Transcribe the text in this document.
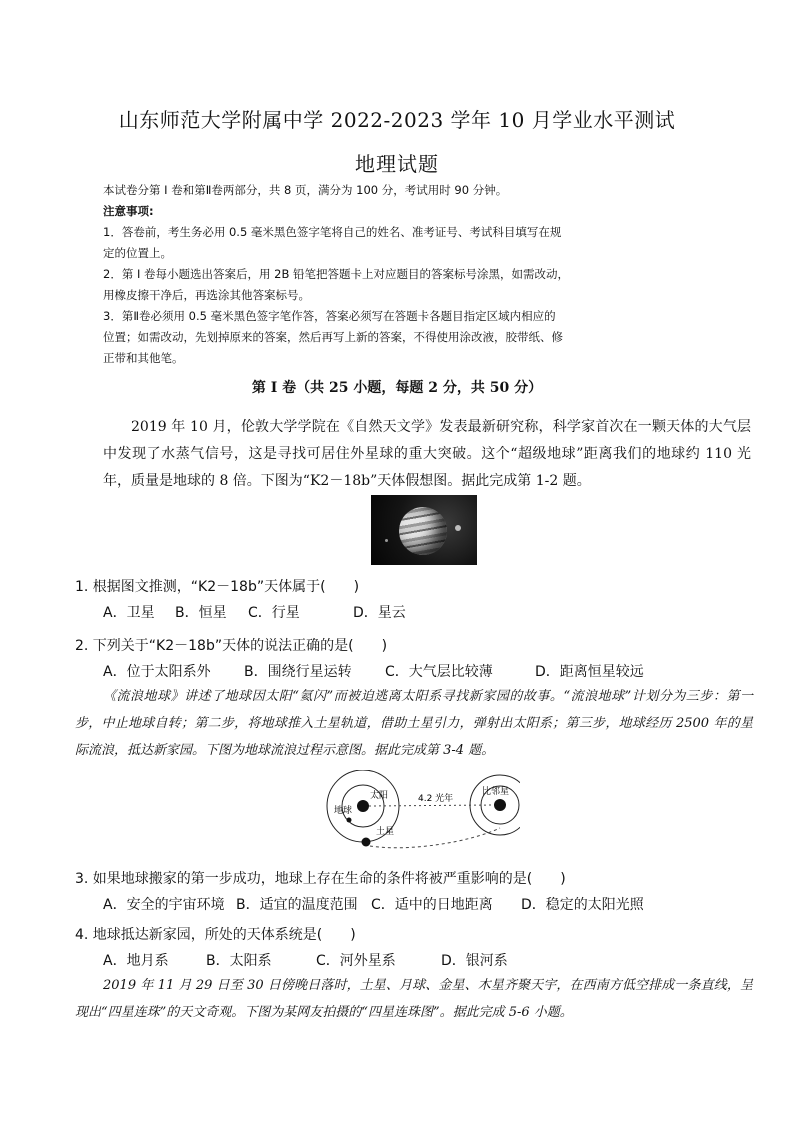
山东师范大学附属中学 2022-2023 学年 10 月学业水平测试
地理试题
本试卷分第 I 卷和第Ⅱ卷两部分，共 8 页，满分为 100 分，考试用时 90 分钟。
注意事项:
1．答卷前，考生务必用 0.5 毫米黑色签字笔将自己的姓名、准考证号、考试科目填写在规
定的位置上。
2．第 I 卷每小题选出答案后，用 2B 铅笔把答题卡上对应题目的答案标号涂黑，如需改动，
用橡皮擦干净后，再选涂其他答案标号。
3．第Ⅱ卷必须用 0.5 毫米黑色签字笔作答，答案必须写在答题卡各题目指定区域内相应的
位置；如需改动，先划掉原来的答案，然后再写上新的答案，不得使用涂改液，胶带纸、修
正带和其他笔。
第 I 卷（共 25 小题，每题 2 分，共 50 分）
2019 年 10 月，伦敦大学学院在《自然天文学》发表最新研究称，科学家首次在一颗天体的大气层中发现了水蒸气信号，这是寻找可居住外星球的重大突破。这个“超级地球”距离我们的地球约 110 光年，质量是地球的 8 倍。下图为“K2－18b”天体假想图。据此完成第 1-2 题。
1. 根据图文推测，“K2－18b”天体属于(　　)
A．卫星 B．恒星 C．行星	D．星云
2. 下列关于“K2－18b”天体的说法正确的是(　　)
A．位于太阳系外 B．围绕行星运转 C．大气层比较薄	D．距离恒星较远
《流浪地球》讲述了地球因太阳“氦闪”而被迫逃离太阳系寻找新家园的故事。“流浪地球”计划分为三步：第一步，中止地球自转；第二步，将地球推入土星轨道，借助土星引力，弹射出太阳系；第三步，地球经历 2500 年的星际流浪，抵达新家园。下图为地球流浪过程示意图。据此完成第 3-4 题。
太阳
地球
土星
4.2 光年
比邻星
3. 如果地球搬家的第一步成功，地球上存在生命的条件将被严重影响的是(　　)
A．安全的宇宙环境 B．适宜的温度范围 C．适中的日地距离 D．稳定的太阳光照
4. 地球抵达新家园，所处的天体系统是(　　)
A．地月系	B．太阳系	C．河外星系	D．银河系
2019 年 11 月 29 日至 30 日傍晚日落时，土星、月球、金星、木星齐聚天宇，在西南方低空排成一条直线，呈现出“四星连珠”的天文奇观。下图为某网友拍摄的“四星连珠图”。据此完成 5-6 小题。
